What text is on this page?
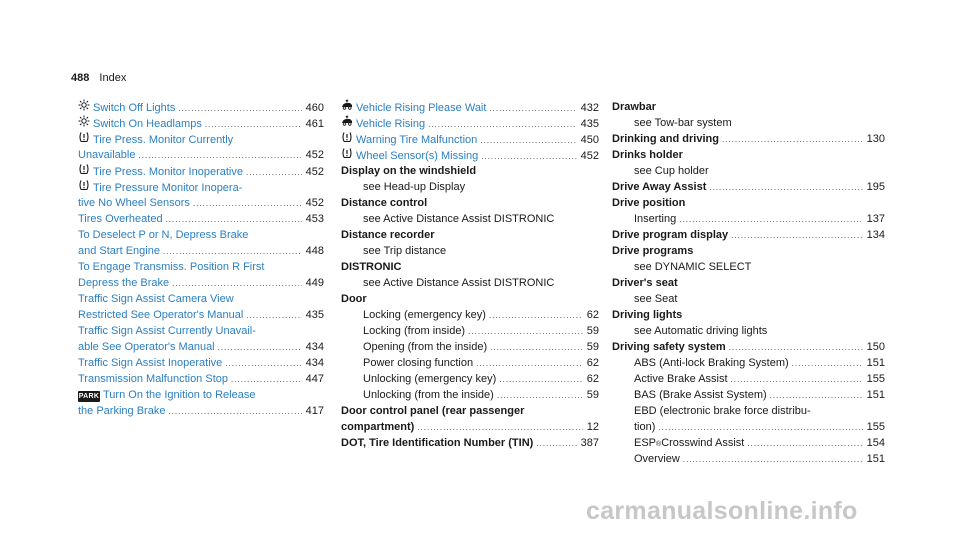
488 Index
Switch Off Lights .....	460
Switch On Headlamps .....	461
Tire Press. Monitor Currently
Unavailable .....	452
Tire Press. Monitor Inoperative .....	452
Tire Pressure Monitor Inopera-
tive No Wheel Sensors .....	452
Tires Overheated .....	453
To Deselect P or N, Depress Brake
and Start Engine .....	448
To Engage Transmiss. Position R First
Depress the Brake .....	449
Traffic Sign Assist Camera View
Restricted See Operator's Manual .....	435
Traffic Sign Assist Currently Unavail-
able See Operator's Manual .....	434
Traffic Sign Assist Inoperative .....	434
Transmission Malfunction Stop .....	447
PARK Turn On the Ignition to Release
the Parking Brake .....	417
Vehicle Rising Please Wait .....	432
Vehicle Rising .....	435
Warning Tire Malfunction .....	450
Wheel Sensor(s) Missing .....	452
Display on the windshield
see Head-up Display
Distance control
see Active Distance Assist DISTRONIC
Distance recorder
see Trip distance
DISTRONIC
see Active Distance Assist DISTRONIC
Door
Locking (emergency key) .....	62
Locking (from inside) .....	59
Opening (from the inside) .....	59
Power closing function .....	62
Unlocking (emergency key) .....	62
Unlocking (from the inside) .....	59
Door control panel (rear passenger
compartment) .....	12
DOT, Tire Identification Number (TIN) .....	387
Drawbar
see Tow-bar system
Drinking and driving .....	130
Drinks holder
see Cup holder
Drive Away Assist .....	195
Drive position
Inserting .....	137
Drive program display .....	134
Drive programs
see DYNAMIC SELECT
Driver's seat
see Seat
Driving lights
see Automatic driving lights
Driving safety system .....	150
ABS (Anti-lock Braking System) .....	151
Active Brake Assist .....	155
BAS (Brake Assist System) .....	151
EBD (electronic brake force distribu-
tion) .....	155
ESP ® Crosswind Assist .....	154
Overview .....	151
carmanualsonline.info
